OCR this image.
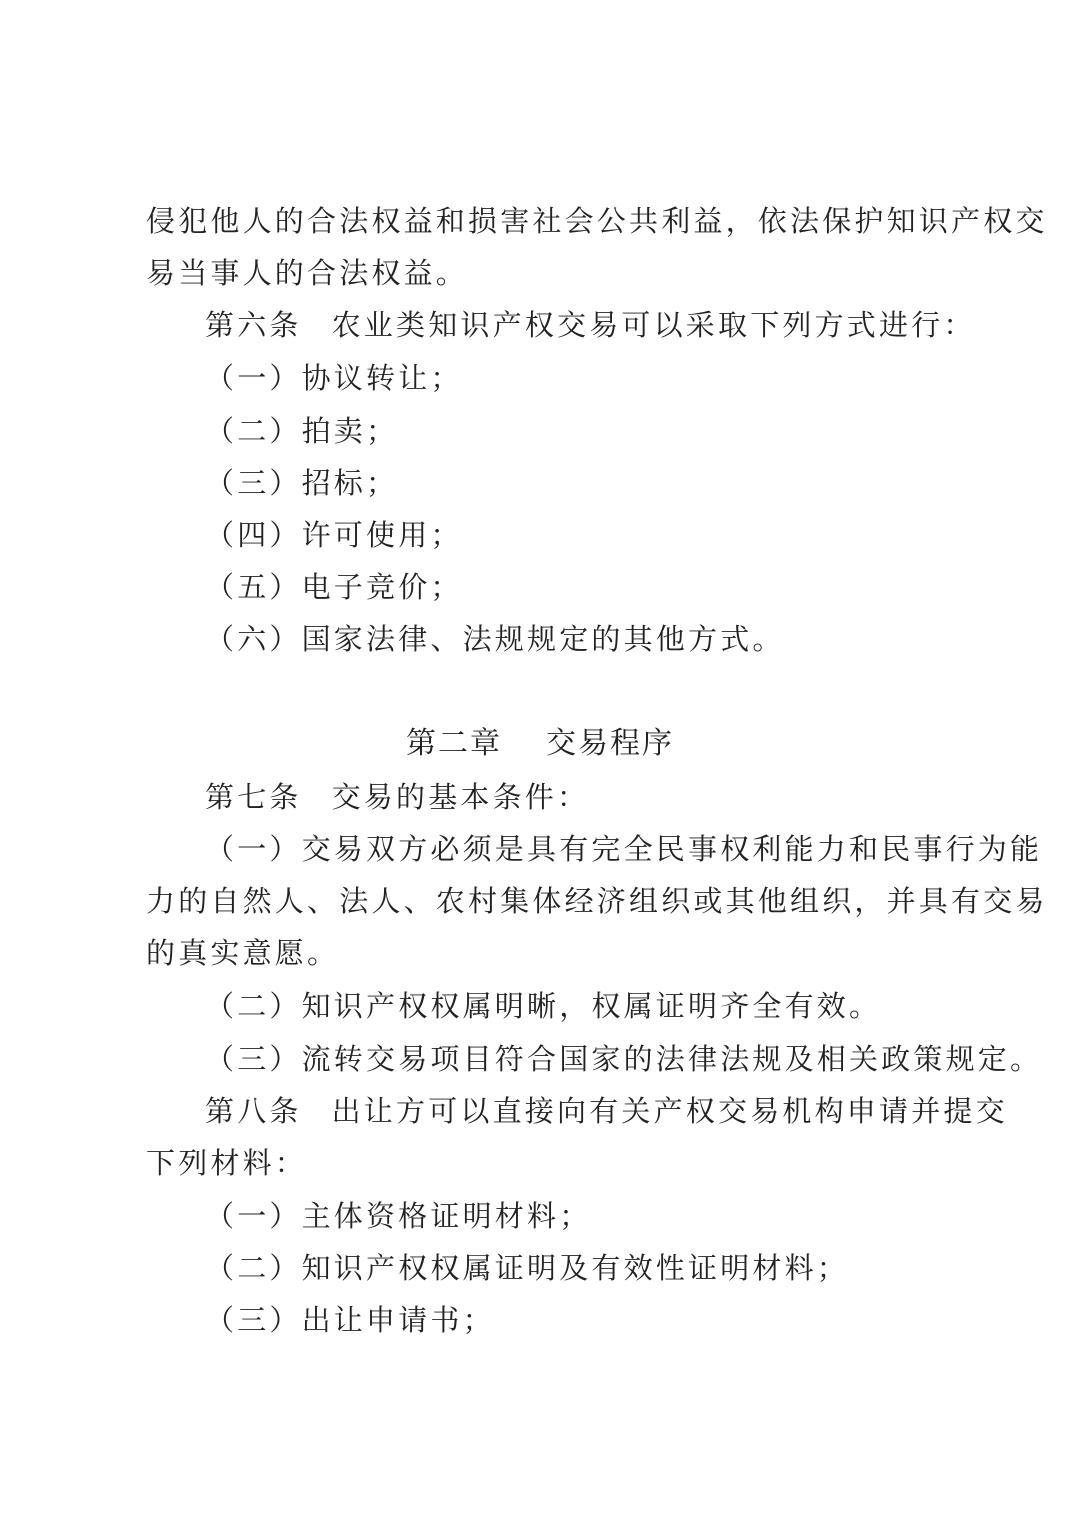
侵犯他人的合法权益和损害社会公共利益，依法保护知识产权交
易当事人的合法权益。
第六条 农业类知识产权交易可以采取下列方式进行：
（一）协议转让；
（二）拍卖；
（三）招标；
（四）许可使用；
（五）电子竞价；
（六）国家法律、法规规定的其他方式。
第二章 交易程序
第七条 交易的基本条件：
（一）交易双方必须是具有完全民事权利能力和民事行为能
力的自然人、法人、农村集体经济组织或其他组织，并具有交易
的真实意愿。
（二）知识产权权属明晰，权属证明齐全有效。
（三）流转交易项目符合国家的法律法规及相关政策规定。
第八条 出让方可以直接向有关产权交易机构申请并提交
下列材料：
（一）主体资格证明材料；
（二）知识产权权属证明及有效性证明材料；
（三）出让申请书；
